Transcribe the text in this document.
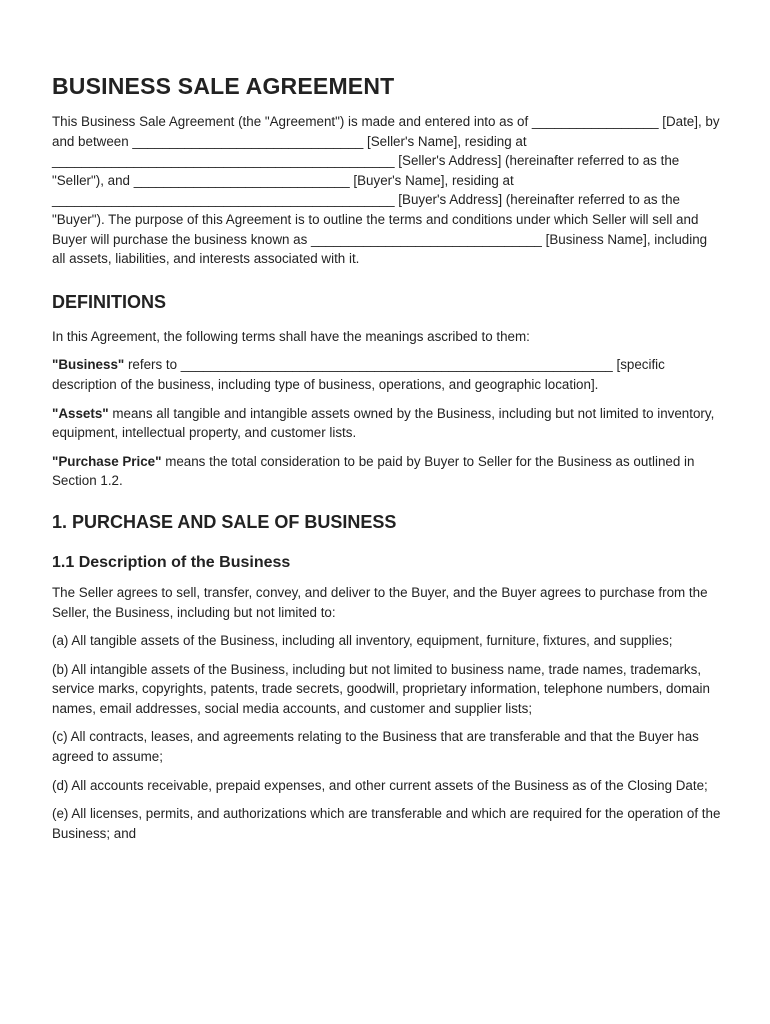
BUSINESS SALE AGREEMENT

This Business Sale Agreement (the "Agreement") is made and entered into as of _________________ [Date], by and between _______________________________ [Seller's Name], residing at ______________________________________________ [Seller's Address] (hereinafter referred to as the "Seller"), and _____________________________ [Buyer's Name], residing at ______________________________________________ [Buyer's Address] (hereinafter referred to as the "Buyer"). The purpose of this Agreement is to outline the terms and conditions under which Seller will sell and Buyer will purchase the business known as _______________________________ [Business Name], including all assets, liabilities, and interests associated with it.

DEFINITIONS

In this Agreement, the following terms shall have the meanings ascribed to them:

"Business" refers to __________________________________________________________ [specific description of the business, including type of business, operations, and geographic location].

"Assets" means all tangible and intangible assets owned by the Business, including but not limited to inventory, equipment, intellectual property, and customer lists.

"Purchase Price" means the total consideration to be paid by Buyer to Seller for the Business as outlined in Section 1.2.

1. PURCHASE AND SALE OF BUSINESS
1.1 Description of the Business

The Seller agrees to sell, transfer, convey, and deliver to the Buyer, and the Buyer agrees to purchase from the Seller, the Business, including but not limited to:

(a) All tangible assets of the Business, including all inventory, equipment, furniture, fixtures, and supplies;

(b) All intangible assets of the Business, including but not limited to business name, trade names, trademarks, service marks, copyrights, patents, trade secrets, goodwill, proprietary information, telephone numbers, domain names, email addresses, social media accounts, and customer and supplier lists;

(c) All contracts, leases, and agreements relating to the Business that are transferable and that the Buyer has agreed to assume;

(d) All accounts receivable, prepaid expenses, and other current assets of the Business as of the Closing Date;

(e) All licenses, permits, and authorizations which are transferable and which are required for the operation of the Business; and
